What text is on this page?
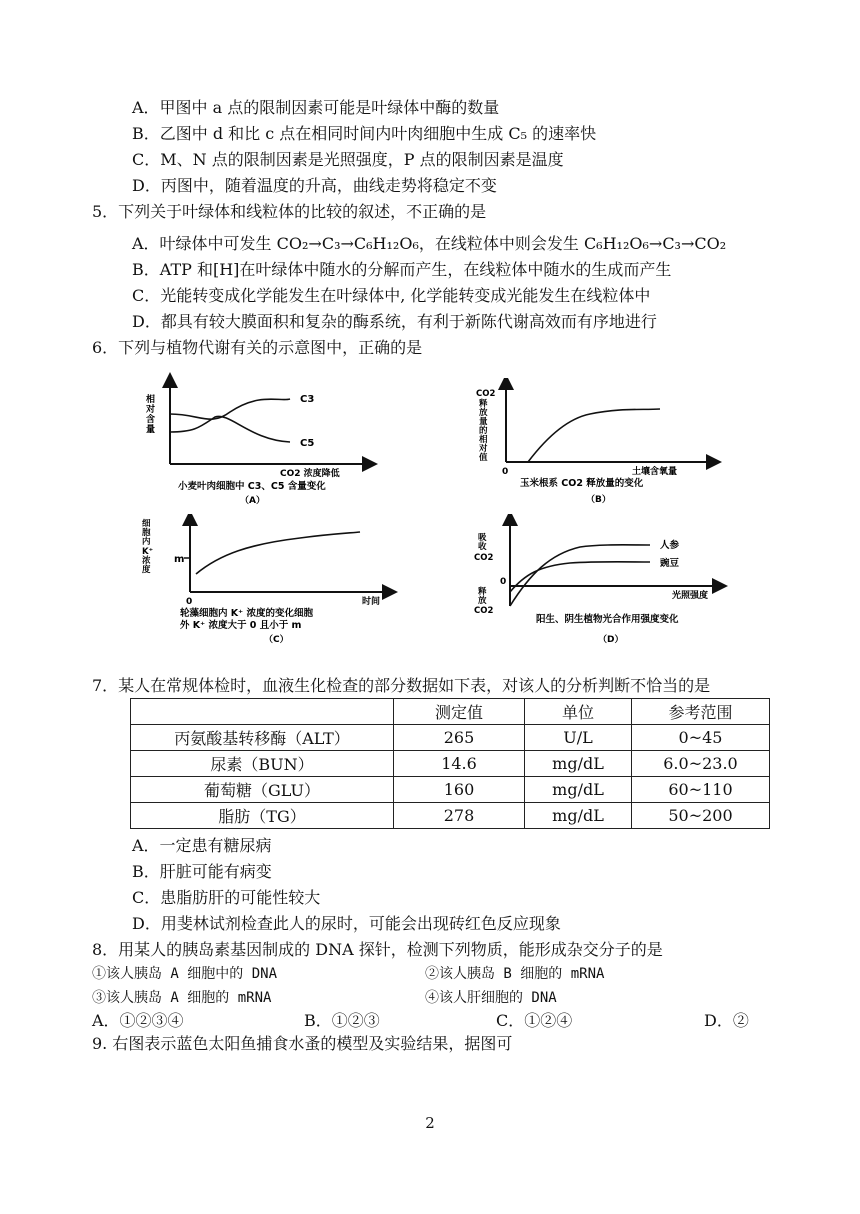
A．甲图中 a 点的限制因素可能是叶绿体中酶的数量
B．乙图中 d 和比 c 点在相同时间内叶肉细胞中生成 C₅ 的速率快
C．M、N 点的限制因素是光照强度，P 点的限制因素是温度
D．丙图中，随着温度的升高，曲线走势将稳定不变
5．下列关于叶绿体和线粒体的比较的叙述，不正确的是
A．叶绿体中可发生 CO₂→C₃→C₆H₁₂O₆，在线粒体中则会发生 C₆H₁₂O₆→C₃→CO₂
B．ATP 和[H]在叶绿体中随水的分解而产生，在线粒体中随水的生成而产生
C．光能转变成化学能发生在叶绿体中, 化学能转变成光能发生在线粒体中
D．都具有较大膜面积和复杂的酶系统，有利于新陈代谢高效而有序地进行
6．下列与植物代谢有关的示意图中，正确的是
相
对
含
量
C3
C5
CO2 浓度降低
小麦叶肉细胞中 C3、C5 含量变化
（A）
CO2
释
放
量
的
相
对
值
0	土壤含氧量
玉米根系 CO2 释放量的变化
（B）
细
胞
内
K⁺
浓
度
m
0	时间
轮藻细胞内 K⁺ 浓度的变化细胞
外 K⁺ 浓度大于 0 且小于 m
（C）
吸
收
CO2
释
放
CO2
0
人参
豌豆
光照强度
阳生、阴生植物光合作用强度变化
（D）
7．某人在常规体检时，血液生化检查的部分数据如下表，对该人的分析判断不恰当的是
	测定值	单位	参考范围
丙氨酸基转移酶（ALT）	265	U/L	0~45
尿素（BUN）	14.6	mg/dL	6.0~23.0
葡萄糖（GLU）	160	mg/dL	60~110
脂肪（TG）	278	mg/dL	50~200
A．一定患有糖尿病
B．肝脏可能有病变
C．患脂肪肝的可能性较大
D．用斐林试剂检查此人的尿时，可能会出现砖红色反应现象
8．用某人的胰岛素基因制成的 DNA 探针，检测下列物质，能形成杂交分子的是
①该人胰岛 A 细胞中的 DNA	②该人胰岛 B 细胞的 mRNA
③该人胰岛 A 细胞的 mRNA	④该人肝细胞的 DNA
A．①②③④	B．①②③	C．①②④	D．②
9. 右图表示蓝色太阳鱼捕食水蚤的模型及实验结果，据图可
2
